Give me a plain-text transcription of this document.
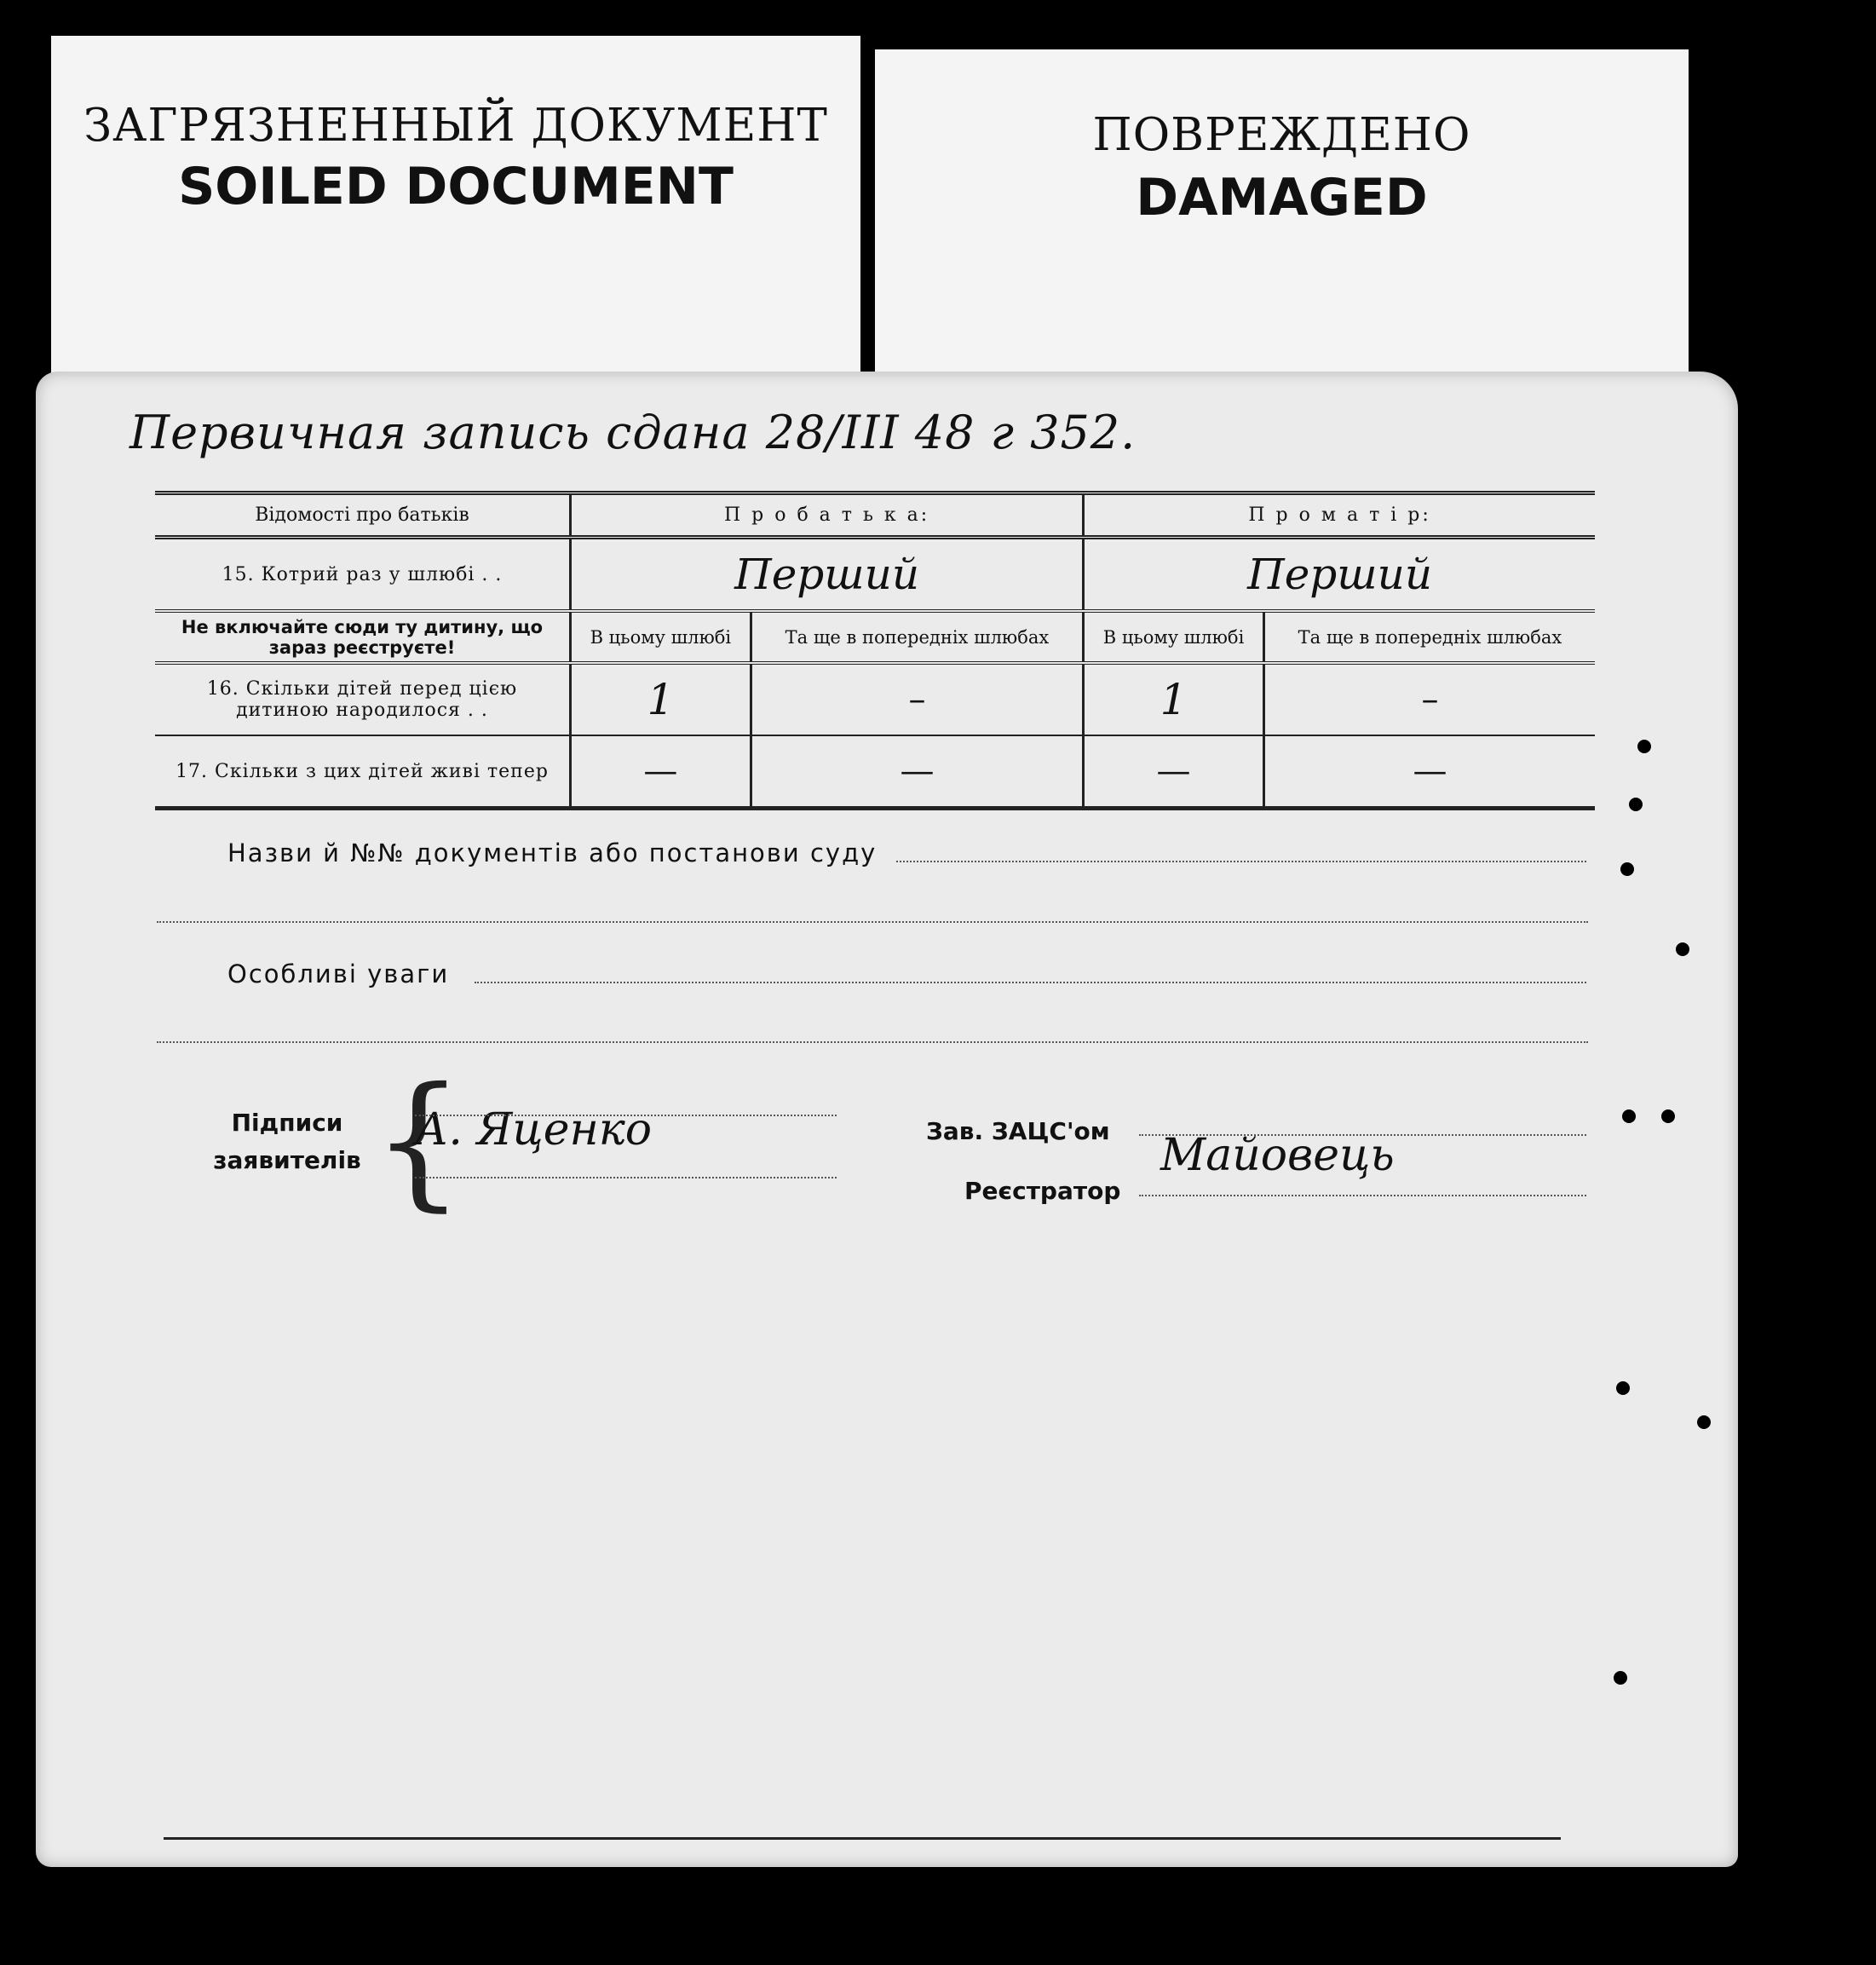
ЗАГРЯЗНЕННЫЙ ДОКУМЕНТ
SOILED DOCUMENT
ПОВРЕЖДЕНО
DAMAGED
Первичная запись сдана 28/ІІІ 48 г 352.
Відомості про батьків	П р о б а т ь к а:		П р о м а т і р:	
15. Котрий раз у шлюбі . .	Перший		Перший	
Не включайте сюди ту дитину, що зараз реєструєте!	В цьому шлюбі	Та ще в попередніх шлюбах	В цьому шлюбі	Та ще в попередніх шлюбах
16. Скільки дітей перед цією дитиною народилося . .	1	–	1	–
17. Скільки з цих дітей живі тепер	—	—	—	—
Назви й №№ документів або постанови суду
Особливі уваги
Підписи заявителів {
А. Яценко	Зав. ЗАЦС'ом
Реєстратор
Майовець
